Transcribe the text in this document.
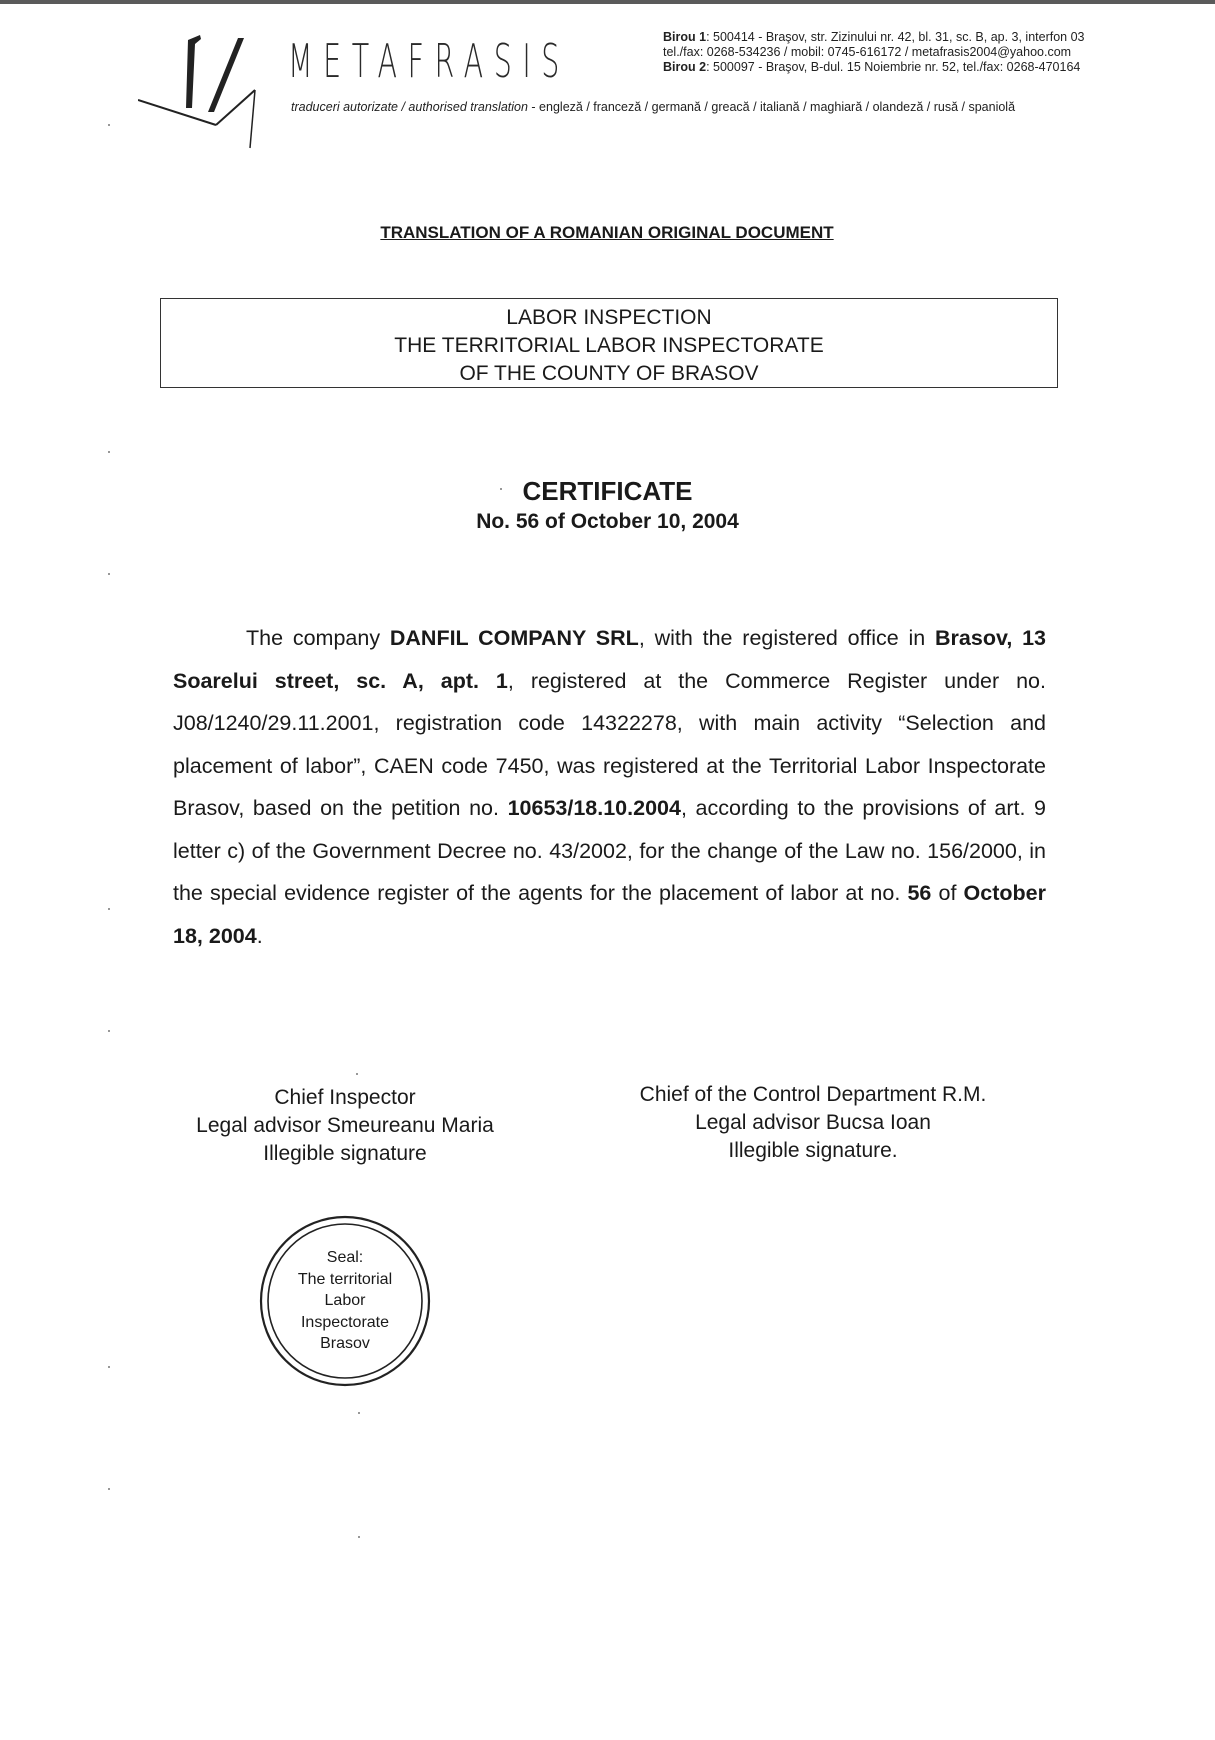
METAFRASIS	Birou 1: 500414 - Braşov, str. Zizinului nr. 42, bl. 31, sc. B, ap. 3, interfon 03
tel./fax: 0268-534236 / mobil: 0745-616172 / metafrasis2004@yahoo.com
Birou 2: 500097 - Braşov, B-dul. 15 Noiembrie nr. 52, tel./fax: 0268-470164
traduceri autorizate / authorised translation - engleză / franceză / germană / greacă / italiană / maghiară / olandeză / rusă / spaniolă
TRANSLATION OF A ROMANIAN ORIGINAL DOCUMENT
LABOR INSPECTION
THE TERRITORIAL LABOR INSPECTORATE
OF THE COUNTY OF BRASOV
CERTIFICATE
No. 56 of October 10, 2004
The company DANFIL COMPANY SRL, with the registered office in Brasov, 13 Soarelui street, sc. A, apt. 1, registered at the Commerce Register under no. J08/1240/29.11.2001, registration code 14322278, with main activity “Selection and placement of labor”, CAEN code 7450, was registered at the Territorial Labor Inspectorate Brasov, based on the petition no. 10653/18.10.2004, according to the provisions of art. 9 letter c) of the Government Decree no. 43/2002, for the change of the Law no. 156/2000, in the special evidence register of the agents for the placement of labor at no. 56 of October 18, 2004.
Chief Inspector
Legal advisor Smeureanu Maria
Illegible signature
Chief of the Control Department R.M.
Legal advisor Bucsa Ioan
Illegible signature.
Seal:
The territorial
Labor
Inspectorate
Brasov
